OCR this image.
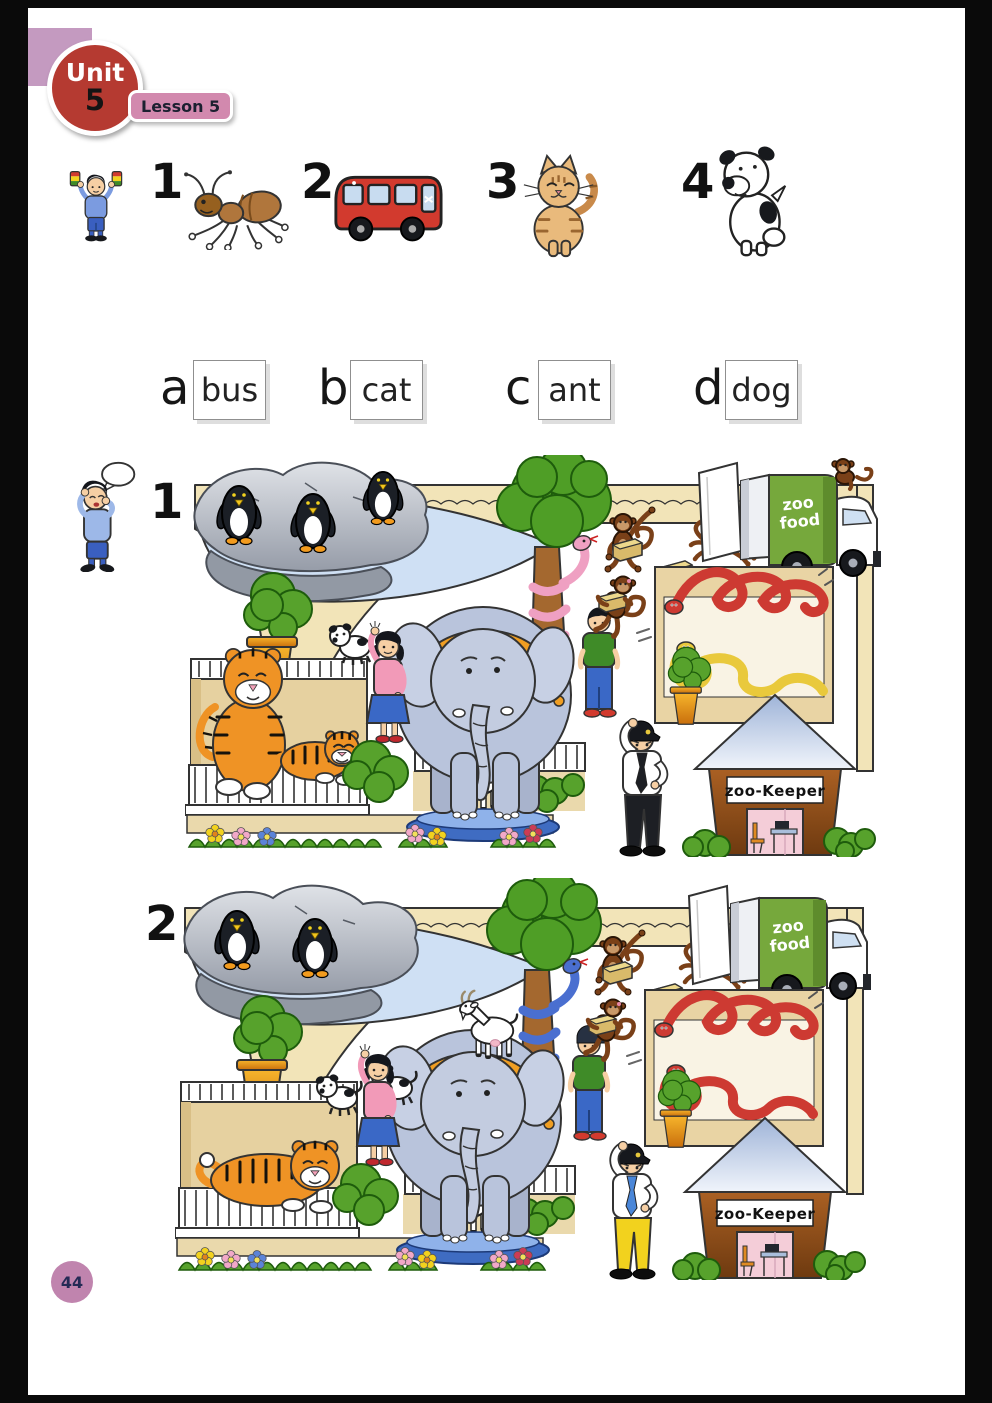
Unit
5	Lesson 5
1 2	3	4
a bus b cat c ant d dog
1	zoo
food
zoo-Keeper
2	zoo
food
zoo-Keeper
44
